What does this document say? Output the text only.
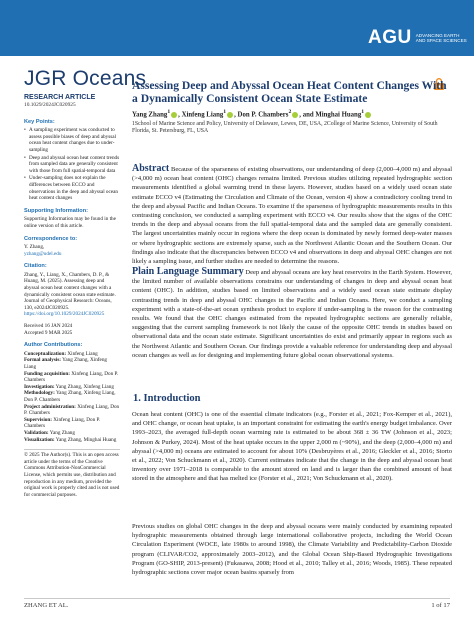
AGU ADVANCING EARTH AND SPACE SCIENCES
JGR Oceans
RESEARCH ARTICLE
10.1029/2024JC020925
Key Points:
• A sampling experiment was conducted to assess possible biases of deep and abyssal ocean heat content changes due to under-sampling
• Deep and abyssal ocean heat content trends from sampled data are generally consistent with those from full spatial-temporal data
• Under-sampling does not explain the differences between ECCO and observations in the deep and abyssal ocean heat content changes
Supporting Information:
Supporting Information may be found in the online version of this article.
Correspondence to:
Y. Zhang,
yzhang@udel.edu
Citation:
Zhang, Y., Liang, X., Chambers, D. P., & Huang, M. (2025). Assessing deep and abyssal ocean heat content changes with a dynamically consistent ocean state estimate. Journal of Geophysical Research: Oceans, 130, e2024JC020925.
https://doi.org/10.1029/2024JC020925
Received 16 JAN 2024
Accepted 9 MAR 2025
Author Contributions:
Conceptualization: Xinfeng Liang
Formal analysis: Yang Zhang, Xinfeng Liang
Funding acquisition: Xinfeng Liang, Don P. Chambers
Investigation: Yang Zhang, Xinfeng Liang
Methodology: Yang Zhang, Xinfeng Liang, Don P. Chambers
Project administration: Xinfeng Liang, Don P. Chambers
Supervision: Xinfeng Liang, Don P. Chambers
Validation: Yang Zhang
Visualization: Yang Zhang, Minghai Huang
© 2025 The Author(s). This is an open access article under the terms of the Creative Commons Attribution-NonCommercial License, which permits use, distribution and reproduction in any medium, provided the original work is properly cited and is not used for commercial purposes.
Assessing Deep and Abyssal Ocean Heat Content Changes With a Dynamically Consistent Ocean State Estimate
Yang Zhang$^1$ , Xinfeng Liang$^1$ , Don P. Chambers$^2$ , and Minghai Huang$^1$
1School of Marine Science and Policy, University of Delaware, Lewes, DE, USA, 2College of Marine Science, University of South Florida, St. Petersburg, FL, USA
Abstract Because of the sparseness of existing observations, our understanding of deep (2,000–4,000 m) and abyssal (>4,000 m) ocean heat content (OHC) changes remains limited. Previous studies utilizing repeated hydrographic section measurements identified a global warming trend in these layers. However, studies based on a widely used ocean state estimate ECCO v4 (Estimating the Circulation and Climate of the Ocean, version 4) show a contradictory cooling trend in the deep and abyssal Pacific and Indian Oceans. To examine if the sparseness of hydrographic measurements results in this contrasting conclusion, we conducted a sampling experiment with ECCO v4. Our results show that the signs of the OHC trends in the deep and abyssal oceans from the full spatial-temporal data and the sampled data are generally consistent. The largest uncertainties mainly occur in regions where the deep ocean is dominated by newly formed deep-water masses or where hydrographic sections are extremely sparse, such as the Northwest Atlantic Ocean and the Southern Ocean. Our findings also indicate that the discrepancies between ECCO v4 and observations in deep and abyssal OHC changes are not likely a sampling issue, and further studies are needed to determine the reasons.
Plain Language Summary Deep and abyssal oceans are key heat reservoirs in the Earth System. However, the limited number of available observations constrains our understanding of changes in deep and abyssal ocean heat content (OHC). In addition, studies based on limited observations and a widely used ocean state estimate display contrasting trends in deep and abyssal OHC changes in the Pacific and Indian Oceans. Here, we conduct a sampling experiment with a state-of-the-art ocean synthesis product to explore if under-sampling is the reason for the contrasting results. We found that the OHC changes estimated from the repeated hydrographic sections are generally reliable, suggesting that the current sampling framework is not likely the cause of the opposite OHC trends in studies based on observational data and the ocean state estimate. Significant uncertainties do exist and primarily appear in regions such as the Northwest Atlantic and Southern Ocean. Our findings provide a valuable reference for understanding deep and abyssal ocean changes as well as for designing and implementing future global ocean observational systems.
1. Introduction
Ocean heat content (OHC) is one of the essential climate indicators (e.g., Forster et al., 2021; Fox-Kemper et al., 2021), and OHC change, or ocean heat uptake, is an important constraint for estimating the earth's energy budget imbalance. Over 1993–2023, the averaged full-depth ocean warming rate is estimated to be about 368 ± 36 TW (Johnson et al., 2023; Johnson & Purkey, 2024). Most of the heat uptake occurs in the upper 2,000 m (~90%), and the deep (2,000–4,000 m) and abyssal (>4,000 m) oceans are estimated to account for about 10% (Desbruyères et al., 2016; Gleckler et al., 2016; Storto et al., 2022; Von Schuckmann et al., 2020). Current estimates indicate that the change in the deep and abyssal ocean heat inventory over 1971–2018 is comparable to the amount stored on land and is larger than the combined amount of heat stored in the atmosphere and that has melted ice (Forster et al., 2021; Von Schuckmann et al., 2020).
Previous studies on global OHC changes in the deep and abyssal oceans were mainly conducted by examining repeated hydrographic measurements obtained through large international collaborative projects, including the World Ocean Circulation Experiment (WOCE, late 1980s to around 1998), the Climate Variability and Predictability-Carbon Dioxide program (CLIVAR/CO2, approximately 2003–2012), and the Global Ocean Ship-Based Hydrographic Investigations Program (GO-SHIP, 2013-present) (Fukasawa, 2008; Hood et al., 2010; Talley et al., 2016; Woods, 1985). These repeated hydrographic sections cover major ocean basins sparsely from
ZHANG ET AL.	1 of 17
